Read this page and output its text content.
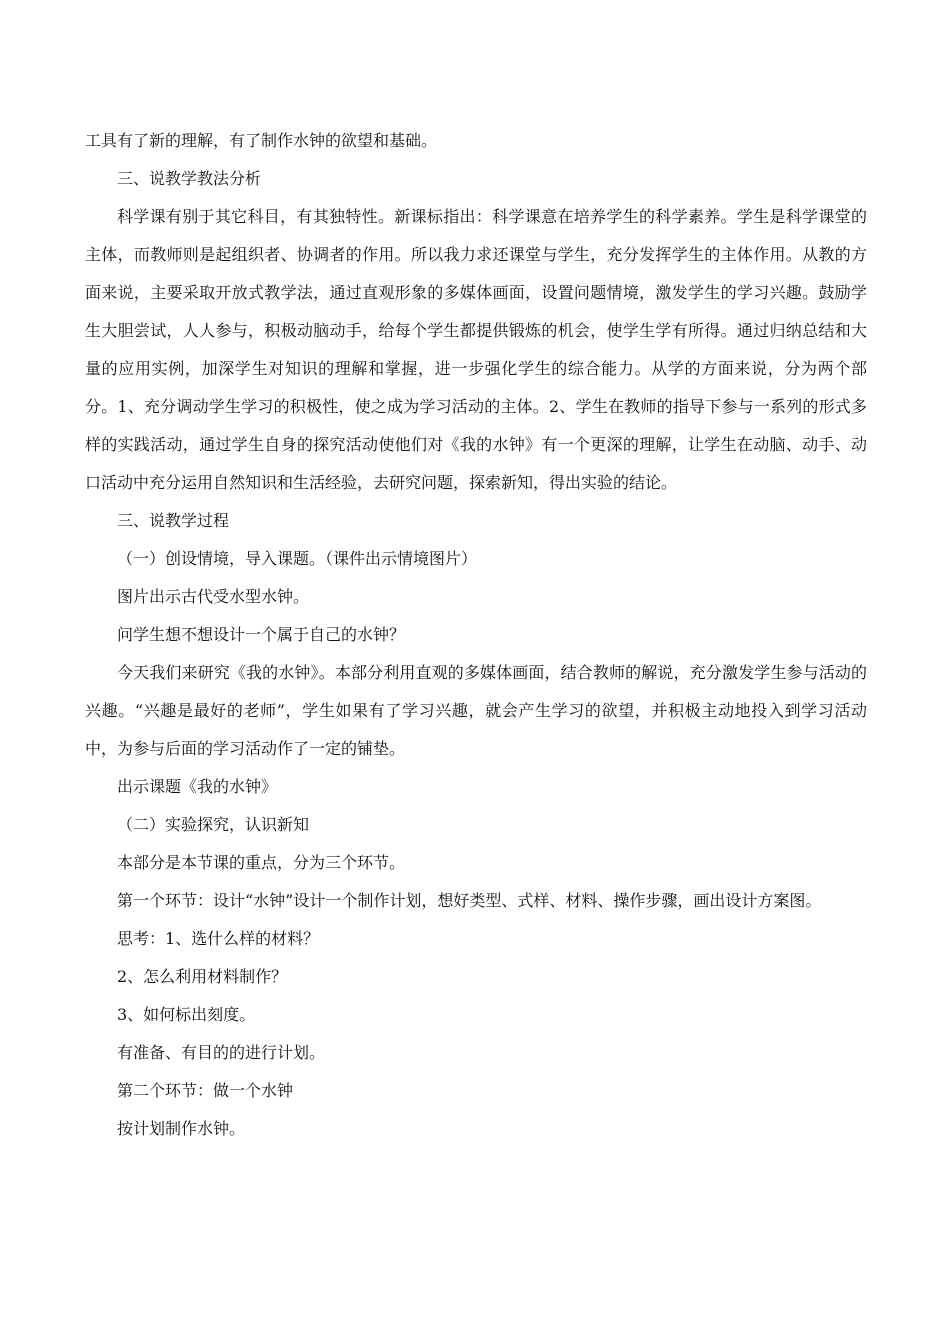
工具有了新的理解，有了制作水钟的欲望和基础。

三、说教学教法分析

科学课有别于其它科目，有其独特性。新课标指出：科学课意在培养学生的科学素养。学生是科学课堂的主体，而教师则是起组织者、协调者的作用。所以我力求还课堂与学生，充分发挥学生的主体作用。从教的方面来说，主要采取开放式教学法，通过直观形象的多媒体画面，设置问题情境，激发学生的学习兴趣。鼓励学生大胆尝试，人人参与，积极动脑动手，给每个学生都提供锻炼的机会，使学生学有所得。通过归纳总结和大量的应用实例，加深学生对知识的理解和掌握，进一步强化学生的综合能力。从学的方面来说，分为两个部分。1、充分调动学生学习的积极性，使之成为学习活动的主体。2、学生在教师的指导下参与一系列的形式多样的实践活动，通过学生自身的探究活动使他们对《我的水钟》有一个更深的理解，让学生在动脑、动手、动口活动中充分运用自然知识和生活经验，去研究问题，探索新知，得出实验的结论。

三、说教学过程

（一）创设情境，导入课题。（课件出示情境图片）

图片出示古代受水型水钟。

问学生想不想设计一个属于自己的水钟？

今天我们来研究《我的水钟》。本部分利用直观的多媒体画面，结合教师的解说，充分激发学生参与活动的兴趣。“兴趣是最好的老师”，学生如果有了学习兴趣，就会产生学习的欲望，并积极主动地投入到学习活动中，为参与后面的学习活动作了一定的铺垫。

出示课题《我的水钟》

（二）实验探究，认识新知

本部分是本节课的重点，分为三个环节。

第一个环节：设计“水钟”设计一个制作计划，想好类型、式样、材料、操作步骤，画出设计方案图。

思考：1、选什么样的材料？

2、怎么利用材料制作？

3、如何标出刻度。

有准备、有目的的进行计划。

第二个环节：做一个水钟

按计划制作水钟。
